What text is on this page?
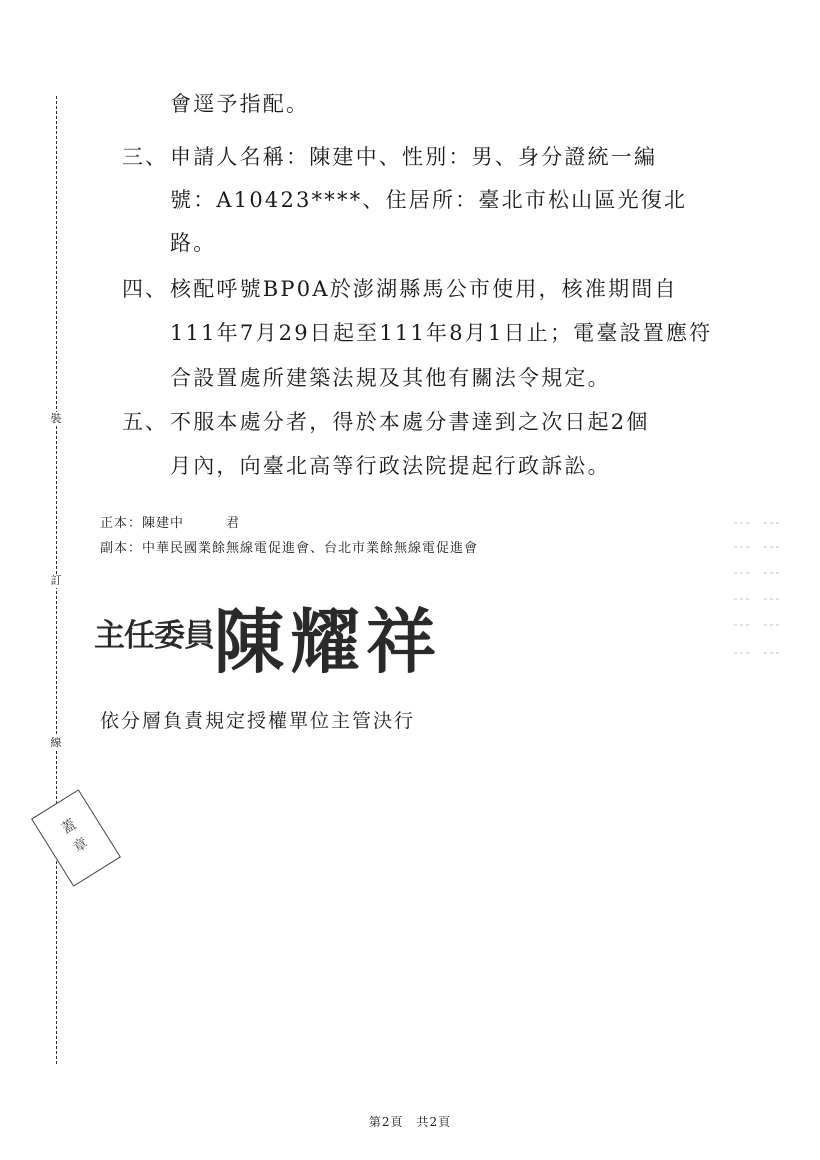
裝
訂
線
會逕予指配。
三、 申請人名稱：陳建中、性別：男、身分證統一編
號：A10423****、住居所：臺北市松山區光復北
路。
四、 核配呼號BP0A於澎湖縣馬公市使用，核准期間自
111年7月29日起至111年8月1日止；電臺設置應符
合設置處所建築法規及其他有關法令規定。
五、 不服本處分者，得於本處分書達到之次日起2個
月內，向臺北高等行政法院提起行政訴訟。
正本：陳建中　　　君
副本：中華民國業餘無線電促進會、台北市業餘無線電促進會
主任委員 陳耀祥
依分層負責規定授權單位主管決行
蓋
章
第2頁　共2頁
